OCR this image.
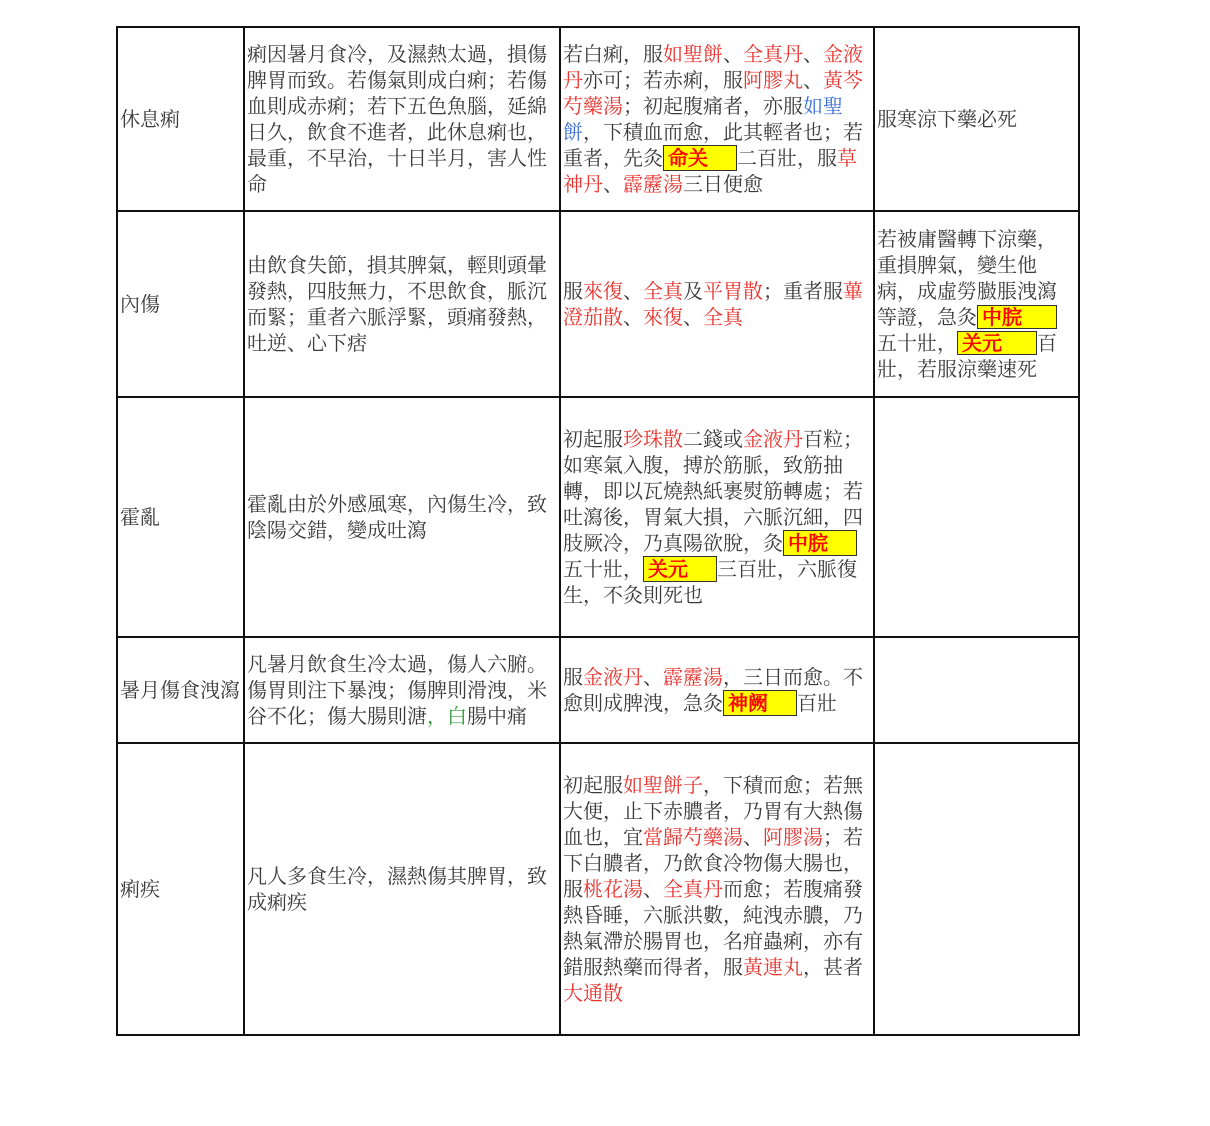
休息痢	痢因暑月食冷，及濕熱太過，損傷脾胃而致。若傷氣則成白痢；若傷血則成赤痢；若下五色魚腦，延綿日久，飲食不進者，此休息痢也，最重，不早治，十日半月，害人性命	若白痢，服如聖餅、全真丹、金液丹亦可；若赤痢，服阿膠丸、黃芩芍藥湯；初起腹痛者，亦服如聖餅，下積血而愈，此其輕者也；若重者，先灸 命关 二百壯，服草神丹、霹靂湯三日便愈	服寒涼下藥必死
內傷	由飲食失節，損其脾氣，輕則頭暈發熱，四肢無力，不思飲食，脈沉而緊；重者六脈浮緊，頭痛發熱，吐逆、心下痞	服來復、全真及平胃散；重者服蓽澄茄散、來復、全真	若被庸醫轉下涼藥，重損脾氣，變生他病，成虛勞臌脹洩瀉等證，急灸 中脘五十壯， 关元 百壯，若服涼藥速死
霍亂	霍亂由於外感風寒，內傷生冷，致陰陽交錯，變成吐瀉	初起服珍珠散二錢或金液丹百粒；如寒氣入腹，搏於筋脈，致筋抽轉，即以瓦燒熱紙裹熨筋轉處；若吐瀉後，胃氣大損，六脈沉細，四肢厥冷，乃真陽欲脫，灸 中脘五十壯， 关元 三百壯，六脈復生，不灸則死也	
暑月傷食洩瀉	凡暑月飲食生冷太過，傷人六腑。傷胃則注下暴洩；傷脾則滑洩，米谷不化；傷大腸則溏，白腸中痛	服金液丹、霹靂湯，三日而愈。不愈則成脾洩，急灸 神阙 百壯	
痢疾	凡人多食生冷，濕熱傷其脾胃，致成痢疾	初起服如聖餅子，下積而愈；若無大便，止下赤膿者，乃胃有大熱傷血也，宜當歸芍藥湯、阿膠湯；若下白膿者，乃飲食冷物傷大腸也，服桃花湯、全真丹而愈；若腹痛發熱昏睡，六脈洪數，純洩赤膿，乃熱氣滯於腸胃也，名疳蟲痢，亦有錯服熱藥而得者，服黃連丸，甚者大通散	
